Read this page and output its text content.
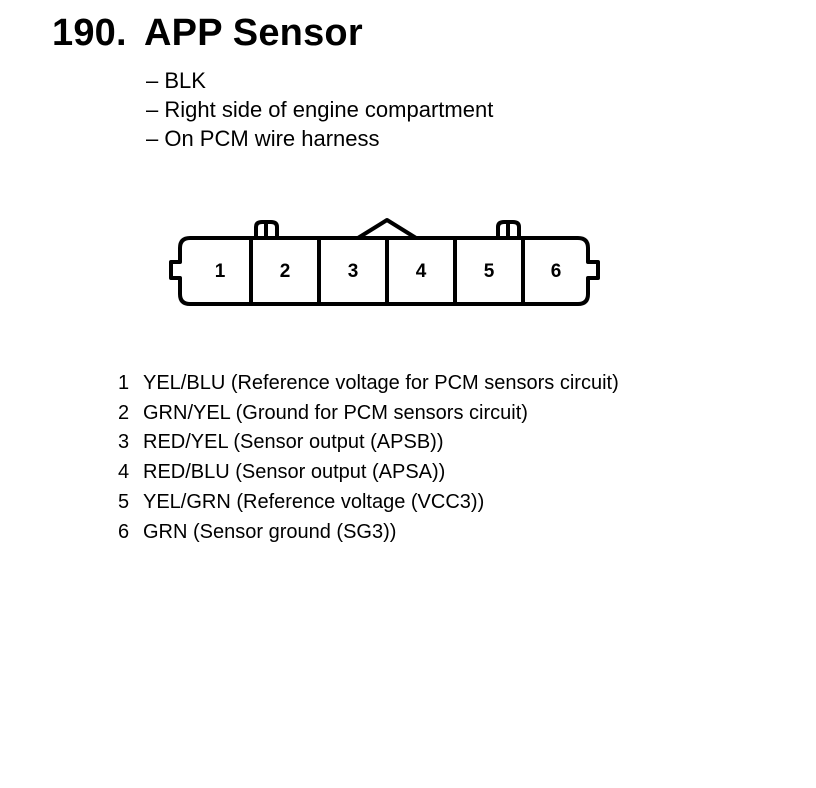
190. APP Sensor
– BLK
– Right side of engine compartment
– On PCM wire harness
1	2	3	4	5	6
1 YEL/BLU (Reference voltage for PCM sensors circuit)
2 GRN/YEL (Ground for PCM sensors circuit)
3 RED/YEL (Sensor output (APSB))
4 RED/BLU (Sensor output (APSA))
5 YEL/GRN (Reference voltage (VCC3))
6 GRN (Sensor ground (SG3))
